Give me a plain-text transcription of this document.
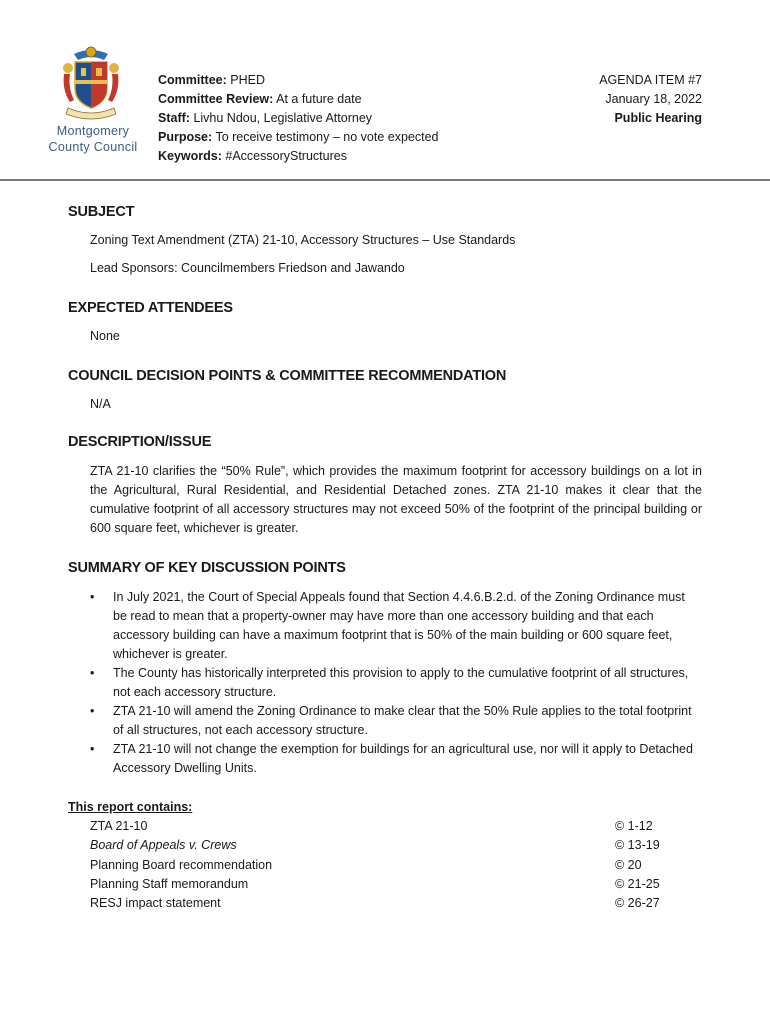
Montgomery County Council
Committee: PHED
Committee Review: At a future date
Staff: Livhu Ndou, Legislative Attorney
Purpose: To receive testimony – no vote expected
Keywords: #AccessoryStructures
AGENDA ITEM #7
January 18, 2022
Public Hearing
SUBJECT

Zoning Text Amendment (ZTA) 21-10, Accessory Structures – Use Standards

Lead Sponsors: Councilmembers Friedson and Jawando

EXPECTED ATTENDEES
None
COUNCIL DECISION POINTS & COMMITTEE RECOMMENDATION
N/A
DESCRIPTION/ISSUE
ZTA 21-10 clarifies the “50% Rule”, which provides the maximum footprint for accessory buildings on a lot in the Agricultural, Rural Residential, and Residential Detached zones. ZTA 21-10 makes it clear that the cumulative footprint of all accessory structures may not exceed 50% of the footprint of the principal building or 600 square feet, whichever is greater.
SUMMARY OF KEY DISCUSSION POINTS
• In July 2021, the Court of Special Appeals found that Section 4.4.6.B.2.d. of the Zoning Ordinance must be read to mean that a property-owner may have more than one accessory building and that each accessory building can have a maximum footprint that is 50% of the main building or 600 square feet, whichever is greater.
• The County has historically interpreted this provision to apply to the cumulative footprint of all structures, not each accessory structure.
• ZTA 21-10 will amend the Zoning Ordinance to make clear that the 50% Rule applies to the total footprint of all structures, not each accessory structure.
• ZTA 21-10 will not change the exemption for buildings for an agricultural use, nor will it apply to Detached Accessory Dwelling Units.
This report contains:
ZTA 21-10	© 1-12
Board of Appeals v. Crews	© 13-19
Planning Board recommendation	© 20
Planning Staff memorandum	© 21-25
RESJ impact statement	© 26-27
